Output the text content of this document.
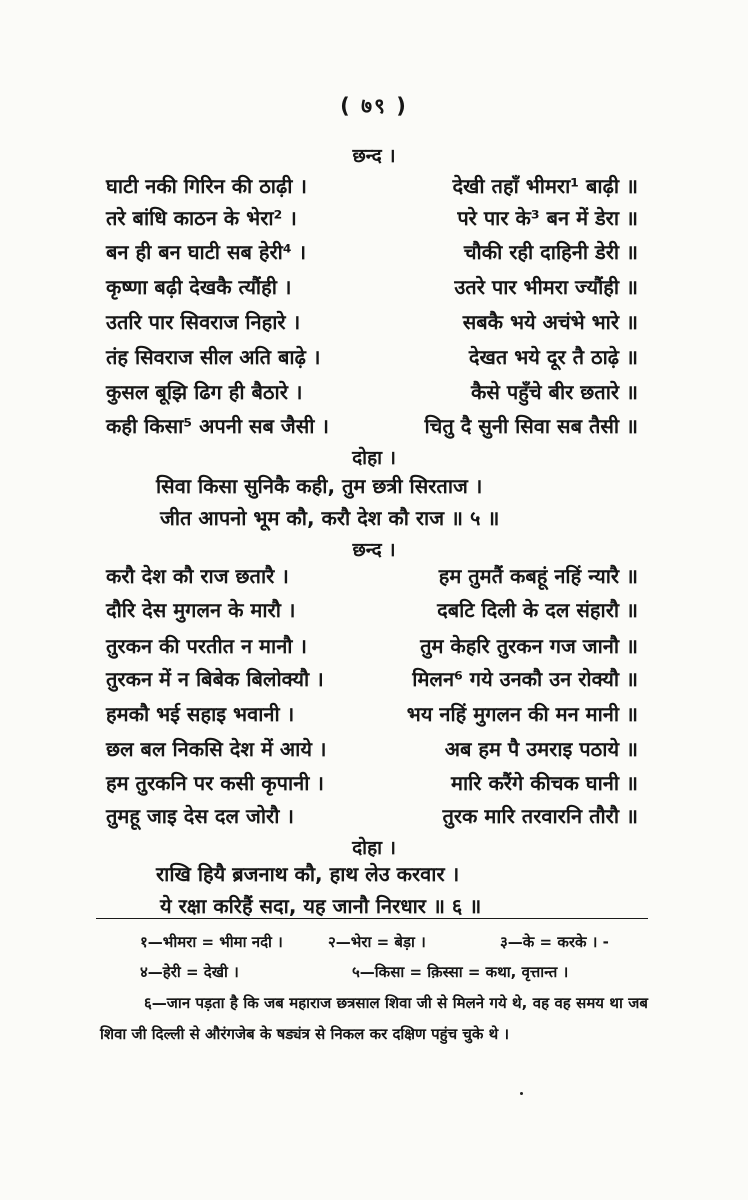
( ७९ )
छन्द ।
घाटी नकी गिरिन की ठाढ़ी ।	देखी तहाँ भीमरा¹ बाढ़ी ॥
तरे बांधि काठन के भेरा² ।	परे पार के³ बन में डेरा ॥
बन ही बन घाटी सब हेरी⁴ ।	चौकी रही दाहिनी डेरी ॥
कृष्णा बढ़ी देखकै त्यौंही ।	उतरे पार भीमरा ज्यौंही ॥
उतरि पार सिवराज निहारे ।	सबकै भये अचंभे भारे ॥
तंह सिवराज सील अति बाढ़े ।	देखत भये दूर तै ठाढ़े ॥
कुसल बूझि ढिग ही बैठारे ।	कैसे पहुँचे बीर छतारे ॥
कही किसा⁵ अपनी सब जैसी ।	चितु दै सुनी सिवा सब तैसी ॥
दोहा ।
सिवा किसा सुनिकै कही, तुम छत्री सिरताज ।
जीत आपनो भूम कौ, करौ देश कौ राज ॥ ५ ॥
छन्द ।
करौ देश कौ राज छतारै ।	हम तुमतैं कबहूं नहिं न्यारै ॥
दौरि देस मुगलन के मारौ ।	दबटि दिली के दल संहारौ ॥
तुरकन की परतीत न मानौ ।	तुम केहरि तुरकन गज जानौ ॥
तुरकन में न बिबेक बिलोक्यौ ।	मिलन⁶ गये उनकौ उन रोक्यौ ॥
हमकौ भई सहाइ भवानी ।	भय नहिं मुगलन की मन मानी ॥
छल बल निकसि देश में आये ।	अब हम पै उमराइ पठाये ॥
हम तुरकनि पर कसी कृपानी ।	मारि करैंगे कीचक घानी ॥
तुमहू जाइ देस दल जोरौ ।	तुरक मारि तरवारनि तौरौ ॥
दोहा ।
राखि हियै ब्रजनाथ कौ, हाथ लेउ करवार ।
ये रक्षा करिहैं सदा, यह जानौ निरधार ॥ ६ ॥
१—भीमरा = भीमा नदी ।	२—भेरा = बेड़ा ।	३—के = करके । -
४—हेरी = देखी ।	५—किसा = क़िस्सा = कथा, वृत्तान्त ।
६—जान पड़ता है कि जब महाराज छत्रसाल शिवा जी से मिलने गये थे, वह वह समय था जब शिवा जी दिल्ली से औरंगजेब के षड्यंत्र से निकल कर दक्षिण पहुंच चुके थे ।
